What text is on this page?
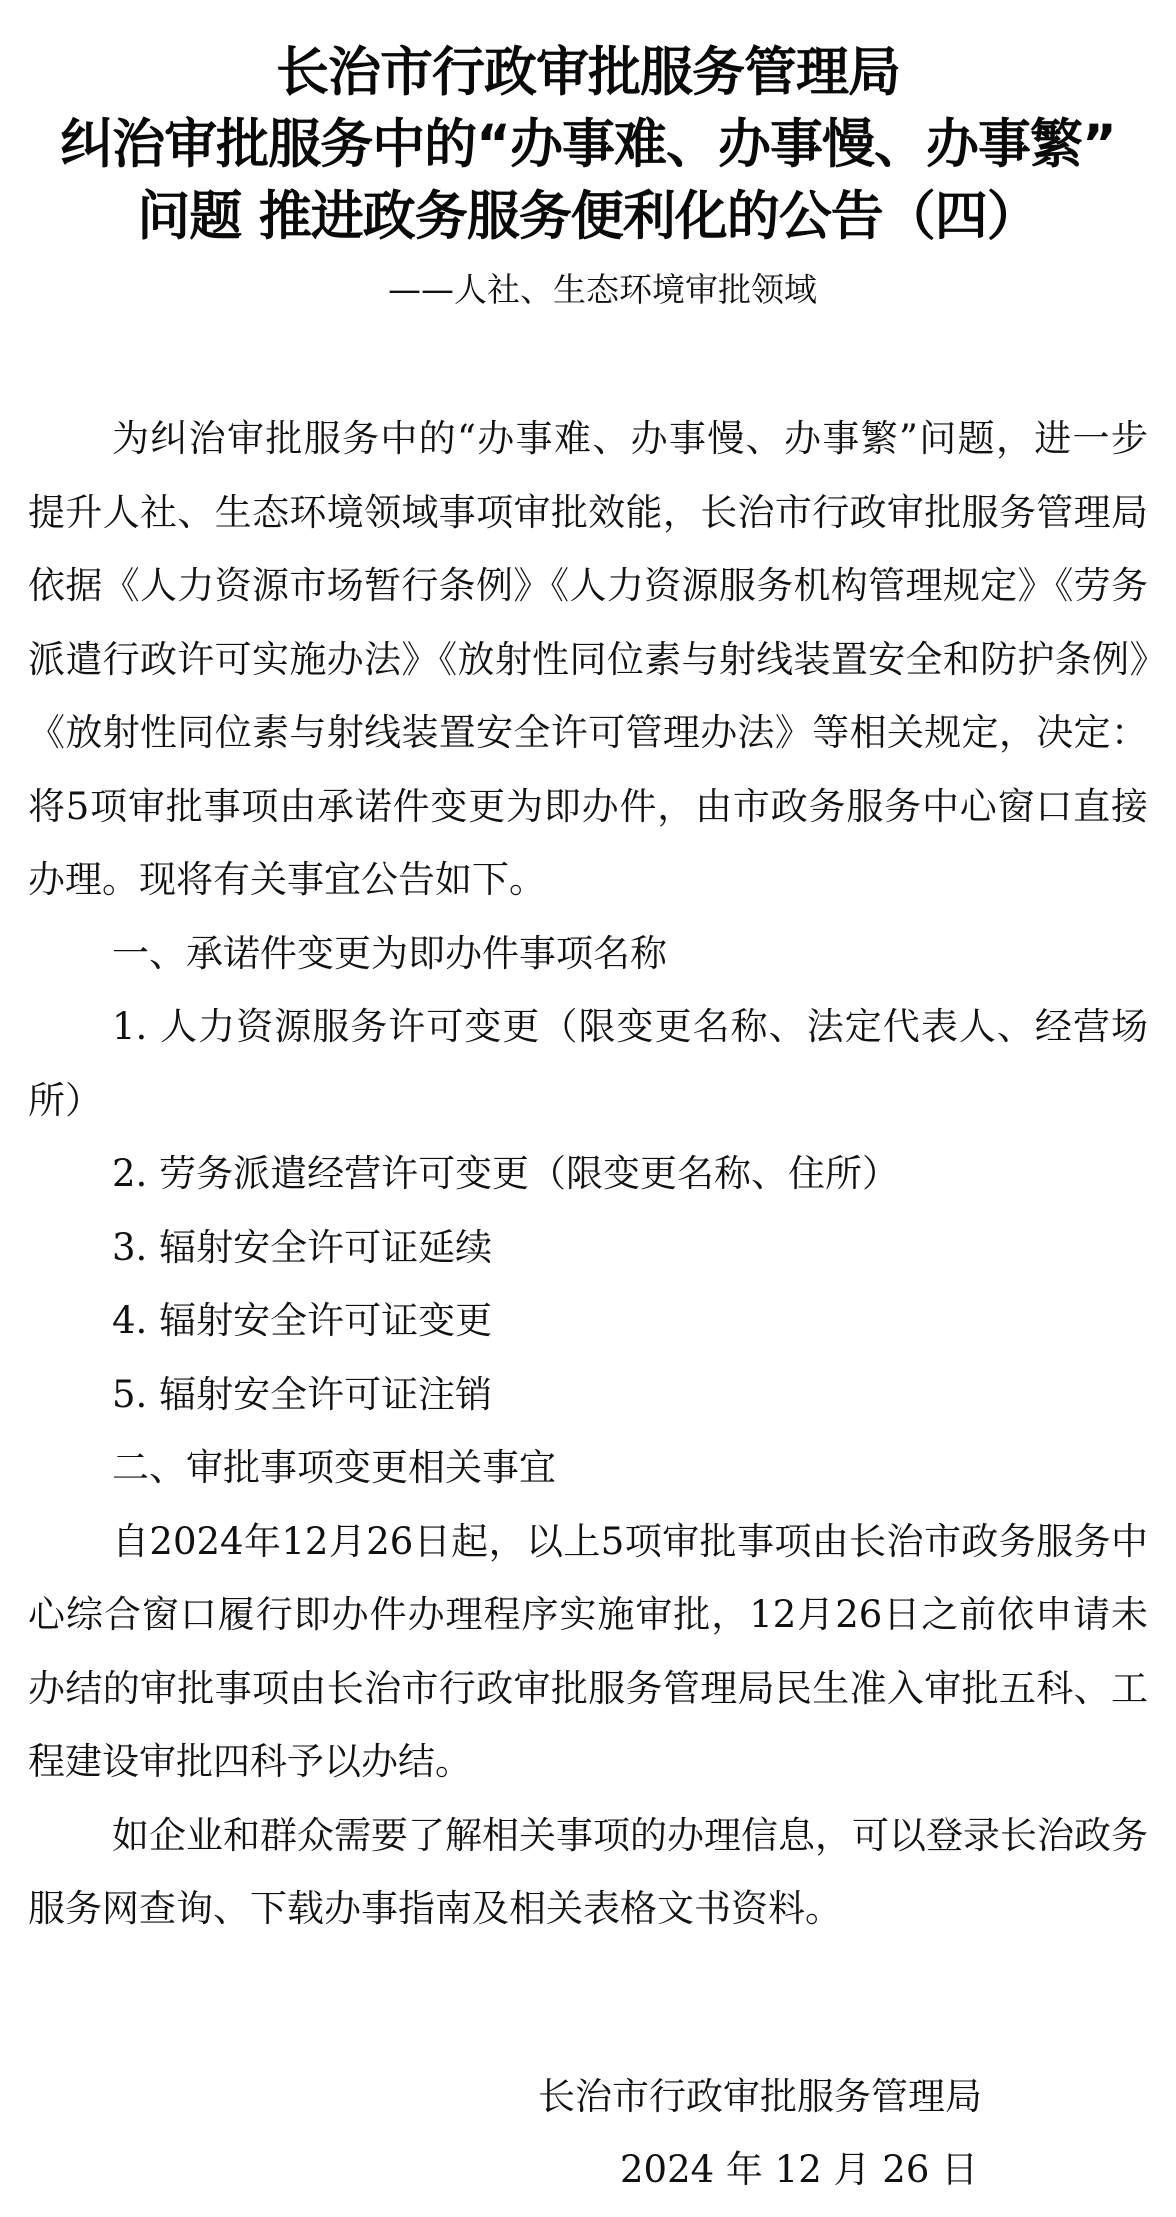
长治市行政审批服务管理局
纠治审批服务中的“办事难、办事慢、办事繁”
问题 推进政务服务便利化的公告（四）
——人社、生态环境审批领域

为纠治审批服务中的“办事难、办事慢、办事繁”问题，进一步提升人社、生态环境领域事项审批效能，长治市行政审批服务管理局依据《人力资源市场暂行条例》《人力资源服务机构管理规定》《劳务派遣行政许可实施办法》《放射性同位素与射线装置安全和防护条例》《放射性同位素与射线装置安全许可管理办法》等相关规定，决定：将5项审批事项由承诺件变更为即办件，由市政务服务中心窗口直接办理。现将有关事宜公告如下。

一、承诺件变更为即办件事项名称

1. 人力资源服务许可变更（限变更名称、法定代表人、经营场所）

2. 劳务派遣经营许可变更（限变更名称、住所）

3. 辐射安全许可证延续

4. 辐射安全许可证变更

5. 辐射安全许可证注销

二、审批事项变更相关事宜

自2024年12月26日起，以上5项审批事项由长治市政务服务中心综合窗口履行即办件办理程序实施审批，12月26日之前依申请未办结的审批事项由长治市行政审批服务管理局民生准入审批五科、工程建设审批四科予以办结。

如企业和群众需要了解相关事项的办理信息，可以登录长治政务服务网查询、下载办事指南及相关表格文书资料。

长治市行政审批服务管理局
2024 年 12 月 26 日
